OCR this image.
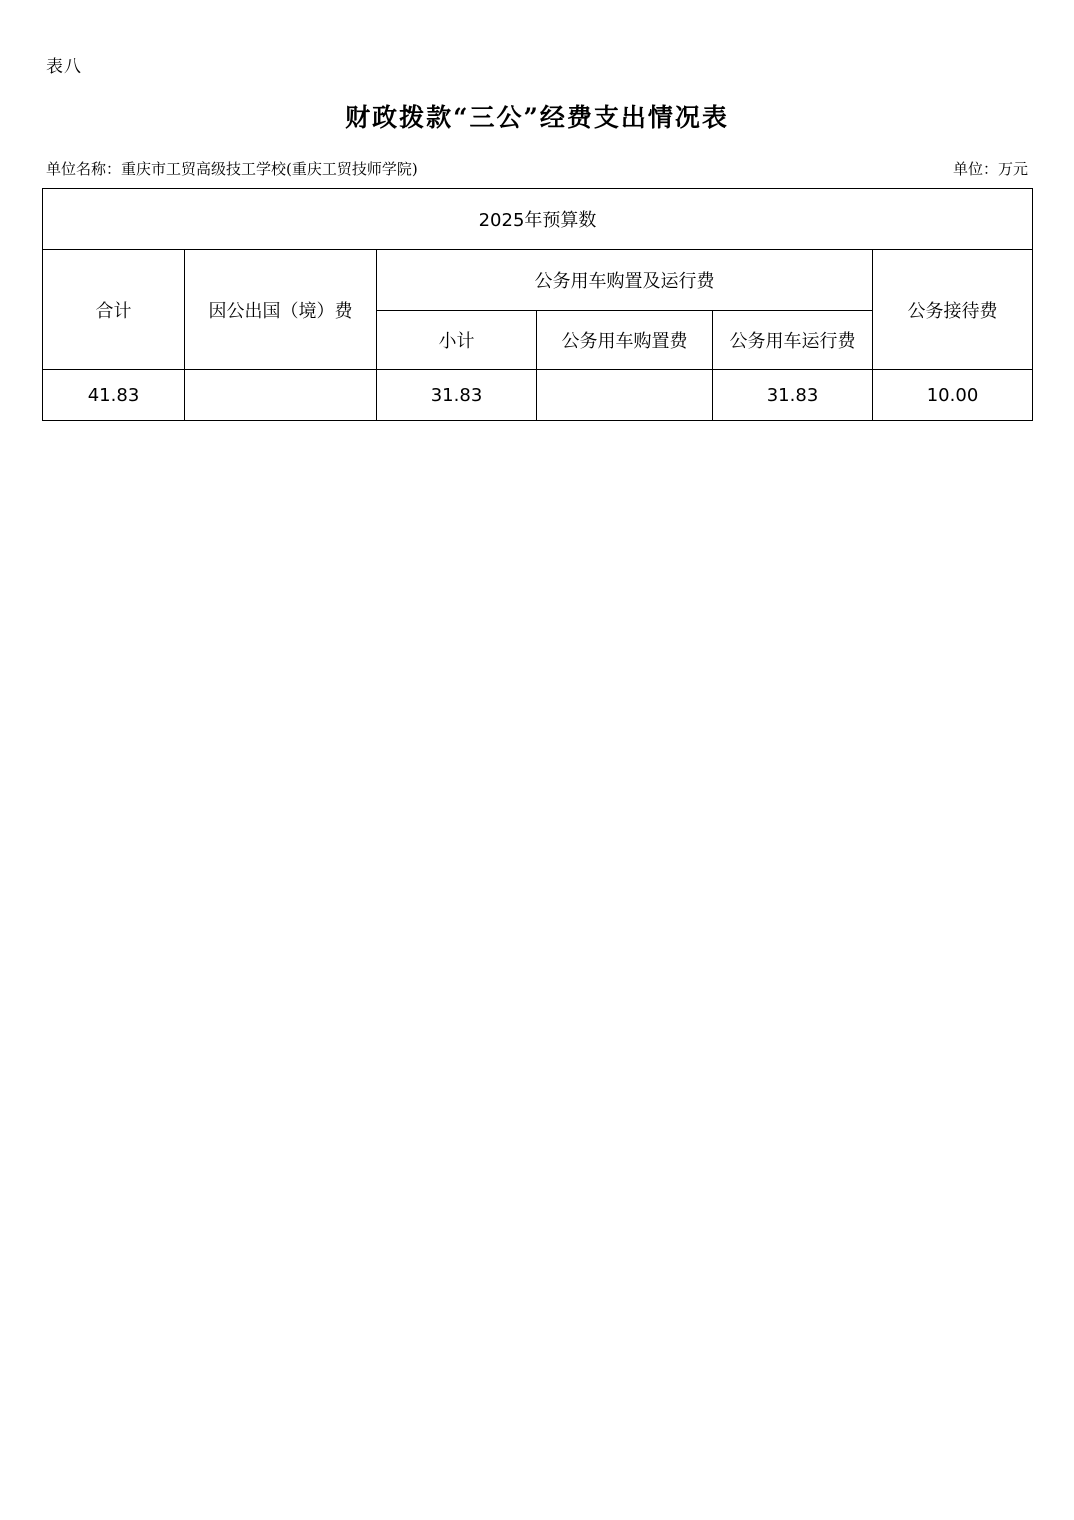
表八
财政拨款“三公”经费支出情况表
单位名称：重庆市工贸高级技工学校(重庆工贸技师学院)	单位：万元
2025年预算数					
合计	因公出国（境）费	公务用车购置及运行费			公务接待费
		小计	公务用车购置费	公务用车运行费	
41.83		31.83		31.83	10.00
